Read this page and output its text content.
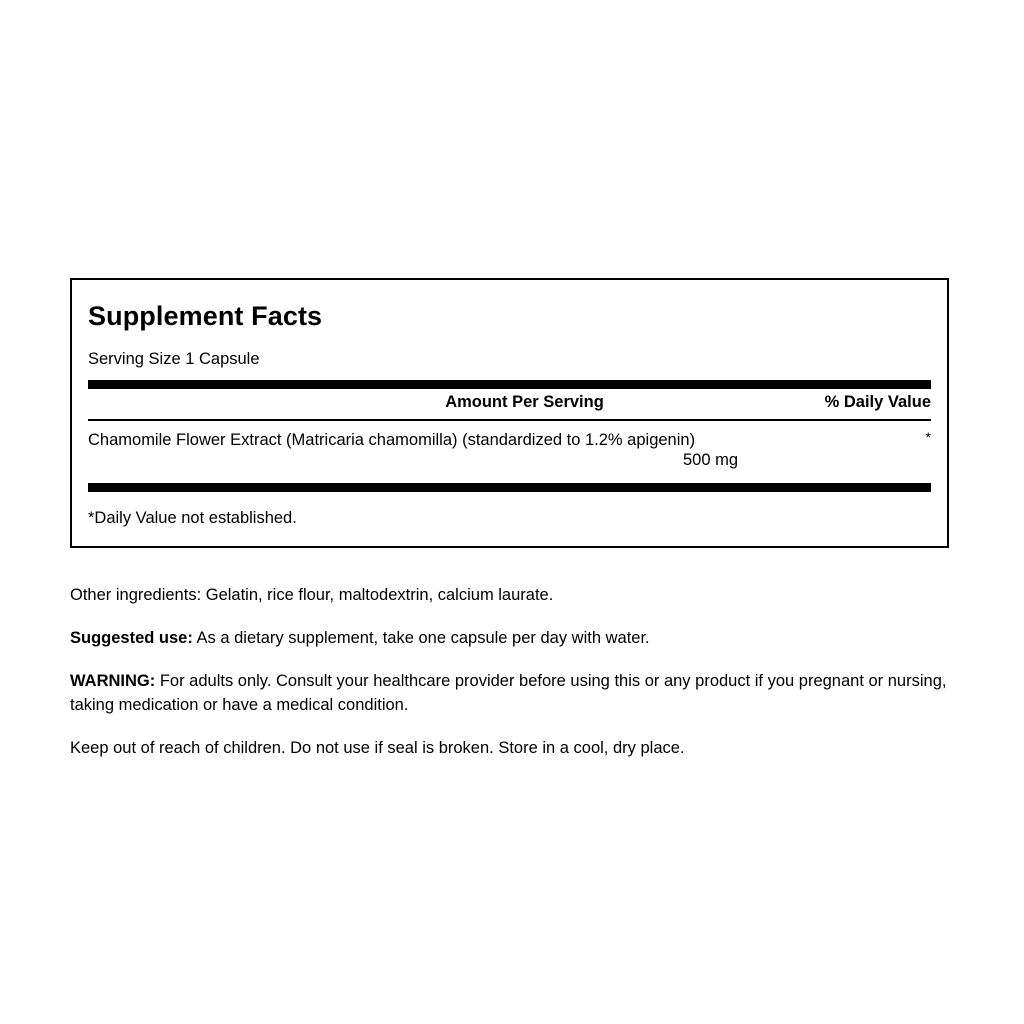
Supplement Facts
Serving Size 1 Capsule
Amount Per Serving	% Daily Value
Chamomile Flower Extract (Matricaria chamomilla) (standardized to 1.2% apigenin)
500 mg
*
*Daily Value not established.

Other ingredients: Gelatin, rice flour, maltodextrin, calcium laurate.

Suggested use: As a dietary supplement, take one capsule per day with water.

WARNING: For adults only. Consult your healthcare provider before using this or any product if you pregnant or nursing, taking medication or have a medical condition.

Keep out of reach of children. Do not use if seal is broken. Store in a cool, dry place.
